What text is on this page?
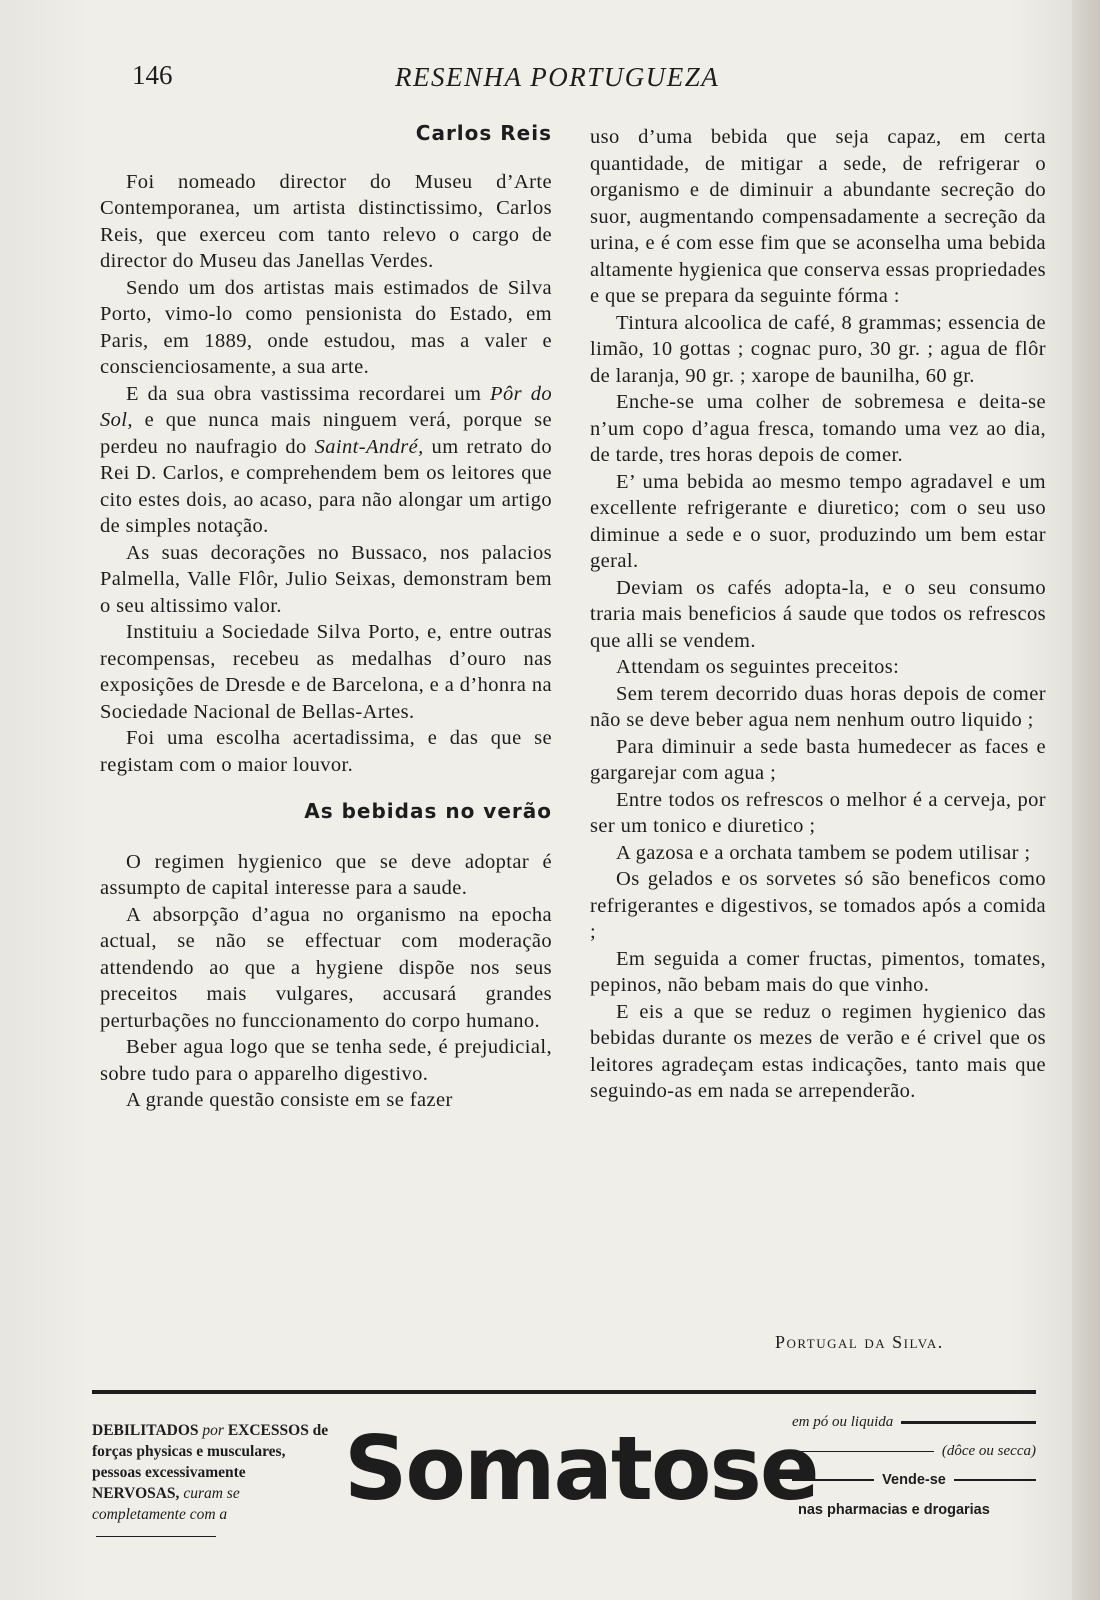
146	RESENHA PORTUGUEZA
Carlos Reis

Foi nomeado director do Museu d’Arte Contemporanea, um artista distinctissimo, Carlos Reis, que exerceu com tanto relevo o cargo de director do Museu das Janellas Verdes.

Sendo um dos artistas mais estimados de Silva Porto, vimo-lo como pensionista do Estado, em Paris, em 1889, onde estudou, mas a valer e conscienciosamente, a sua arte.

E da sua obra vastissima recordarei um Pôr do Sol, e que nunca mais ninguem verá, porque se perdeu no naufragio do Saint-André, um retrato do Rei D. Carlos, e comprehendem bem os leitores que cito estes dois, ao acaso, para não alongar um artigo de simples notação.

As suas decorações no Bussaco, nos palacios Palmella, Valle Flôr, Julio Seixas, demonstram bem o seu altissimo valor.

Instituiu a Sociedade Silva Porto, e, entre outras recompensas, recebeu as medalhas d’ouro nas exposições de Dresde e de Barcelona, e a d’honra na Sociedade Nacional de Bellas-Artes.

Foi uma escolha acertadissima, e das que se registam com o maior louvor.

As bebidas no verão

O regimen hygienico que se deve adoptar é assumpto de capital interesse para a saude.

A absorpção d’agua no organismo na epocha actual, se não se effectuar com moderação attendendo ao que a hygiene dispõe nos seus preceitos mais vulgares, accusará grandes perturbações no funccionamento do corpo humano.

Beber agua logo que se tenha sede, é prejudicial, sobre tudo para o apparelho digestivo.

A grande questão consiste em se fazer

uso d’uma bebida que seja capaz, em certa quantidade, de mitigar a sede, de refrigerar o organismo e de diminuir a abundante secreção do suor, augmentando compensadamente a secreção da urina, e é com esse fim que se aconselha uma bebida altamente hygienica que conserva essas propriedades e que se prepara da seguinte fórma :

Tintura alcoolica de café, 8 grammas; essencia de limão, 10 gottas ; cognac puro, 30 gr. ; agua de flôr de laranja, 90 gr. ; xarope de baunilha, 60 gr.

Enche-se uma colher de sobremesa e deita-se n’um copo d’agua fresca, tomando uma vez ao dia, de tarde, tres horas depois de comer.

E’ uma bebida ao mesmo tempo agradavel e um excellente refrigerante e diuretico; com o seu uso diminue a sede e o suor, produzindo um bem estar geral.

Deviam os cafés adopta-la, e o seu consumo traria mais beneficios á saude que todos os refrescos que alli se vendem.

Attendam os seguintes preceitos:

Sem terem decorrido duas horas depois de comer não se deve beber agua nem nenhum outro liquido ;

Para diminuir a sede basta humedecer as faces e gargarejar com agua ;

Entre todos os refrescos o melhor é a cerveja, por ser um tonico e diuretico ;

A gazosa e a orchata tambem se podem utilisar ;

Os gelados e os sorvetes só são beneficos como refrigerantes e digestivos, se tomados após a comida ;

Em seguida a comer fructas, pimentos, tomates, pepinos, não bebam mais do que vinho.

E eis a que se reduz o regimen hygienico das bebidas durante os mezes de verão e é crivel que os leitores agradeçam estas indicações, tanto mais que seguindo-as em nada se arrependerão.

Portugal da Silva.
DEBILITADOS por EXCESSOS de forças physicas e musculares, pessoas excessivamente NERVOSAS, curam se completamente com a	Somatose
em pó ou liquida
(dôce ou secca)
Vende-se
nas pharmacias e drogarias
